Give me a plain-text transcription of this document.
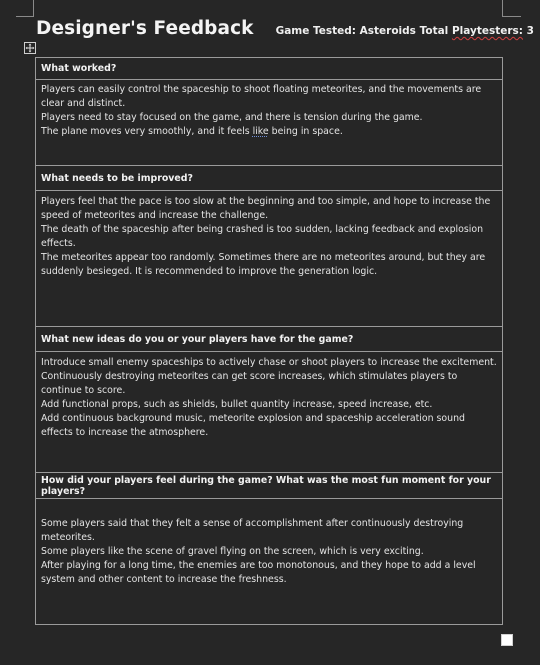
Designer's Feedback Game Tested: Asteroids Total Playtesters: 3
What worked?
Players can easily control the spaceship to shoot floating meteorites, and the movements are clear and distinct.
Players need to stay focused on the game, and there is tension during the game.
The plane moves very smoothly, and it feels like being in space.
What needs to be improved?
Players feel that the pace is too slow at the beginning and too simple, and hope to increase the speed of meteorites and increase the challenge.
The death of the spaceship after being crashed is too sudden, lacking feedback and explosion effects.
The meteorites appear too randomly. Sometimes there are no meteorites around, but they are suddenly besieged. It is recommended to improve the generation logic.
What new ideas do you or your players have for the game?
Introduce small enemy spaceships to actively chase or shoot players to increase the excitement.
Continuously destroying meteorites can get score increases, which stimulates players to continue to score.
Add functional props, such as shields, bullet quantity increase, speed increase, etc.
Add continuous background music, meteorite explosion and spaceship acceleration sound effects to increase the atmosphere.
How did your players feel during the game? What was the most fun moment for your players?
Some players said that they felt a sense of accomplishment after continuously destroying meteorites.
Some players like the scene of gravel flying on the screen, which is very exciting.
After playing for a long time, the enemies are too monotonous, and they hope to add a level system and other content to increase the freshness.
